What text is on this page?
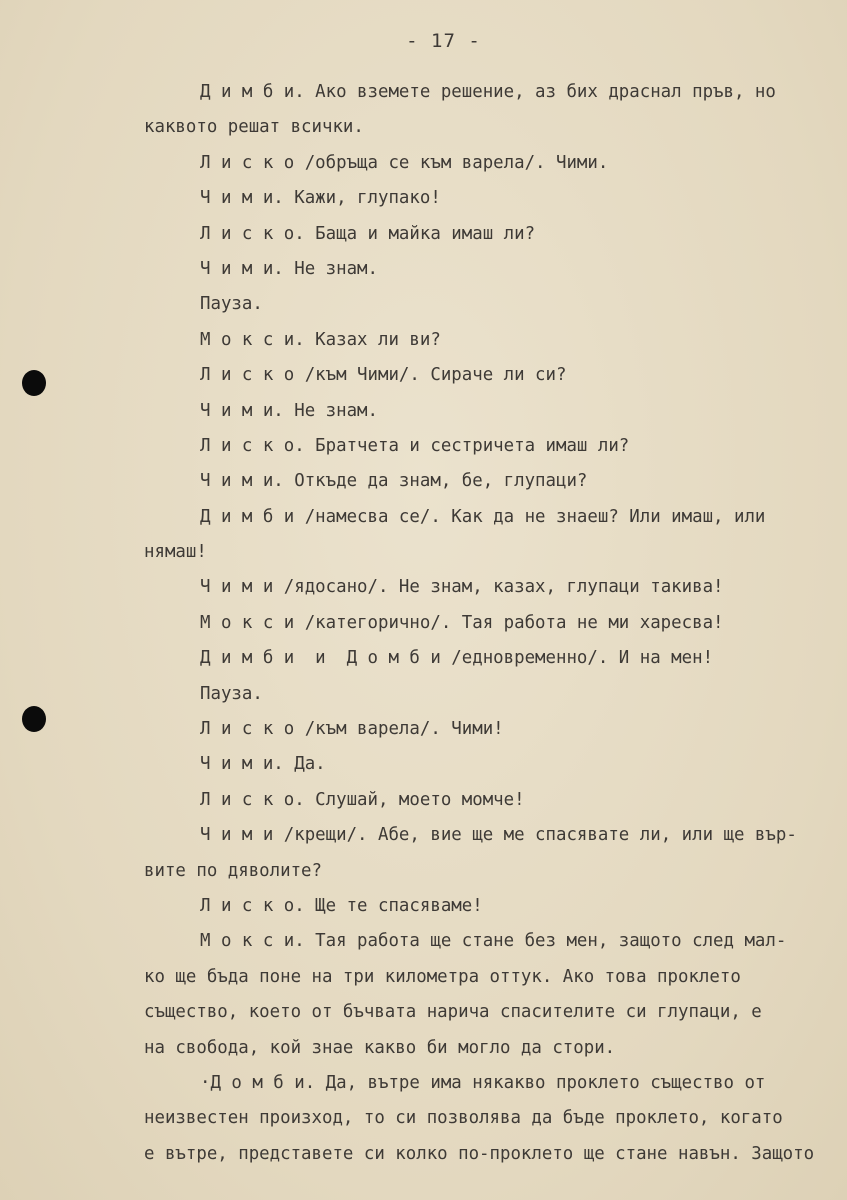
- 17 -
Д и м б и. Ако вземете решение, аз бих драснал пръв, но
каквото решат всички.
Л и с к о /обръща се към варела/. Чими.
Ч и м и. Кажи, глупако!
Л и с к о. Баща и майка имаш ли?
Ч и м и. Не знам.
Пауза.
М о к с и. Казах ли ви?
Л и с к о /към Чими/. Сираче ли си?
Ч и м и. Не знам.
Л и с к о. Братчета и сестричета имаш ли?
Ч и м и. Откъде да знам, бе, глупаци?
Д и м б и /намесва се/. Как да не знаеш? Или имаш, или
нямаш!
Ч и м и /ядосано/. Не знам, казах, глупаци такива!
М о к с и /категорично/. Тая работа не ми харесва!
Д и м б и  и  Д о м б и /едновременно/. И на мен!
Пауза.
Л и с к о /към варела/. Чими!
Ч и м и. Да.
Л и с к о. Слушай, моето момче!
Ч и м и /крещи/. Абе, вие ще ме спасявате ли, или ще вър-
вите по дяволите?
Л и с к о. Ще те спасяваме!
М о к с и. Тая работа ще стане без мен, защото след мал-
ко ще бъда поне на три километра оттук. Ако това проклето
същество, което от бъчвата нарича спасителите си глупаци, е
на свобода, кой знае какво би могло да стори.
·Д о м б и. Да, вътре има някакво проклето същество от
неизвестен произход, то си позволява да бъде проклето, когато
е вътре, представете си колко по-проклето ще стане навън. Защото
